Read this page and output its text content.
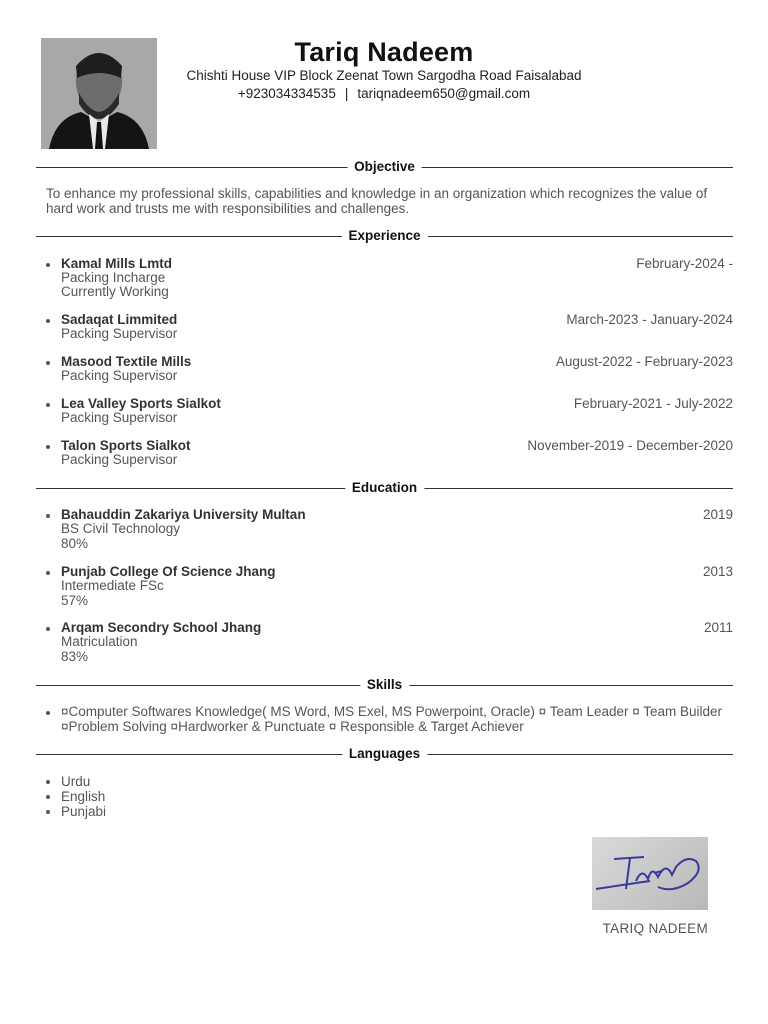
Tariq Nadeem
Chishti House VIP Block Zeenat Town Sargodha Road Faisalabad
+923034334535 | tariqnadeem650@gmail.com
Objective
To enhance my professional skills, capabilities and knowledge in an organization which recognizes the value of hard work and trusts me with responsibilities and challenges.
Experience
Kamal Mills Lmtd
Packing Incharge
Currently Working
February-2024 -
Sadaqat Limmited
Packing Supervisor
March-2023 - January-2024
Masood Textile Mills
Packing Supervisor
August-2022 - February-2023
Lea Valley Sports Sialkot
Packing Supervisor
February-2021 - July-2022
Talon Sports Sialkot
Packing Supervisor
November-2019 - December-2020
Education
Bahauddin Zakariya University Multan
BS Civil Technology
80%
2019
Punjab College Of Science Jhang
Intermediate FSc
57%
2013
Arqam Secondry School Jhang
Matriculation
83%
2011
Skills
¤Computer Softwares Knowledge( MS Word, MS Exel, MS Powerpoint, Oracle) ¤ Team Leader ¤ Team Builder ¤Problem Solving ¤Hardworker & Punctuate ¤ Responsible & Target Achiever
Languages
Urdu
English
Punjabi
TARIQ NADEEM
